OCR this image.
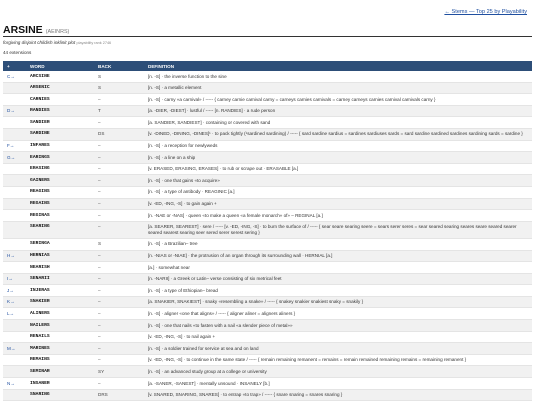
← Stems — Top 25 by Playability
ARSINE (AEINRS)
forgiving disjoint childish inklinit plot playability rank 2746
44 extensions
+	WORD	BACK	DEFINITION
C→	ARCSINE	S	[n. -S] · the inverse function to the sine
	ARSENIC	S	[n. -S] · a metallic element
	CARNIES	–	[n. -S] · carny «a carnival» / ----- { carney carnie carnival carny = carneys carnies carnivals = carney carneys carnies carnival carnivals carny }
D→	RANDIES	T	[a. -DIER, -DIEST] · lustful / ----- [n. RANDIES] · a rude person
	SANDIER	–	[a. SANDIER, SANDIEST] · containing or covered with sand
	SARDINE	DS	[v. -DINED, -DINING, -DINES]¹ · to pack tightly (¹sardined sardining) / ----- { sard sardine sardius = sardines sardiuses sards = sard sardine sardined sardines sardining sards = sardine }
F→	INFARES	–	[n. -S] · a reception for newlyweds
G→	EARINGS	–	[n. -S] · a line on a ship
	ERASING	–	[v. ERASED, ERASING, ERASES] · to rub or scrape out · ERASABLE [a.]
	GAINERS	–	[n. -S] · one that gains «to acquire»
	REAGINS	–	[n. -S] · a type of antibody · REAGINIC [a.]
	REGAINS	–	[v. -ED, -ING, -S] · to gain again +
	REGINAS	–	[n. -NAE or -NAS] · queen «to make a queen «a female monarch» of» – REGINAL [a.]
	SEARING	–	[a. SEARER, SEAREST] · sere / ----- [v. -ED, -ING, -S] · to burn the surface of / ----- { sear seare searing seere = sears serer seres = sear seared searing seares seare seared searer seared searest searing seer sered serer serest sering }
	SERINGA	S	[n. -S] · a Brazilian– tree
H→	HERNIAS	–	[n. -NIAS or -NIAE] · the protrusion of an organ through its surrounding wall · HERNIAL [a.]
	NEARISH	–	[a.] · somewhat near
I→	SENARII	–	[n. -NARII] · a Greek or Latin– verse consisting of six metrical feet
J→	INJERAS	–	[n. -S] · a type of Ethiopian– bread
K→	SNAKIER	–	[a. SNAKIER, SNAKIEST] · snaky «resembling a snake» / ----- { snakey snakier snakiest snaky = snakily }
L→	ALINERS	–	[n. -S] · aligner «one that aligns» / ----- { aligner aliner = aligners aliners }
	NAILERS	–	[n. -S] · one that nails «to fasten with a nail «a slender piece of metal»»
	RENAILS	–	[v. -ED, -ING, -S] · to nail again +
M→	MARINES	–	[n. -S] · a soldier trained for service at sea and on land
	REMAINS	–	[v. -ED, -ING, -S] · to continue in the same state / ----- { remain remaining remanent = remains = remain remained remaining remains = remaining remanent }
	SEMINAR	SY	[n. -S] · an advanced study group at a college or university
N→	INSANER	–	[a. -SANER, -SANEST] · mentally unsound · INSANELY [b.]
	SNARING	DRS	[v. SNARED, SNARING, SNARES] · to entrap «to trap» / ----- { snare snaring = snares snaring }
